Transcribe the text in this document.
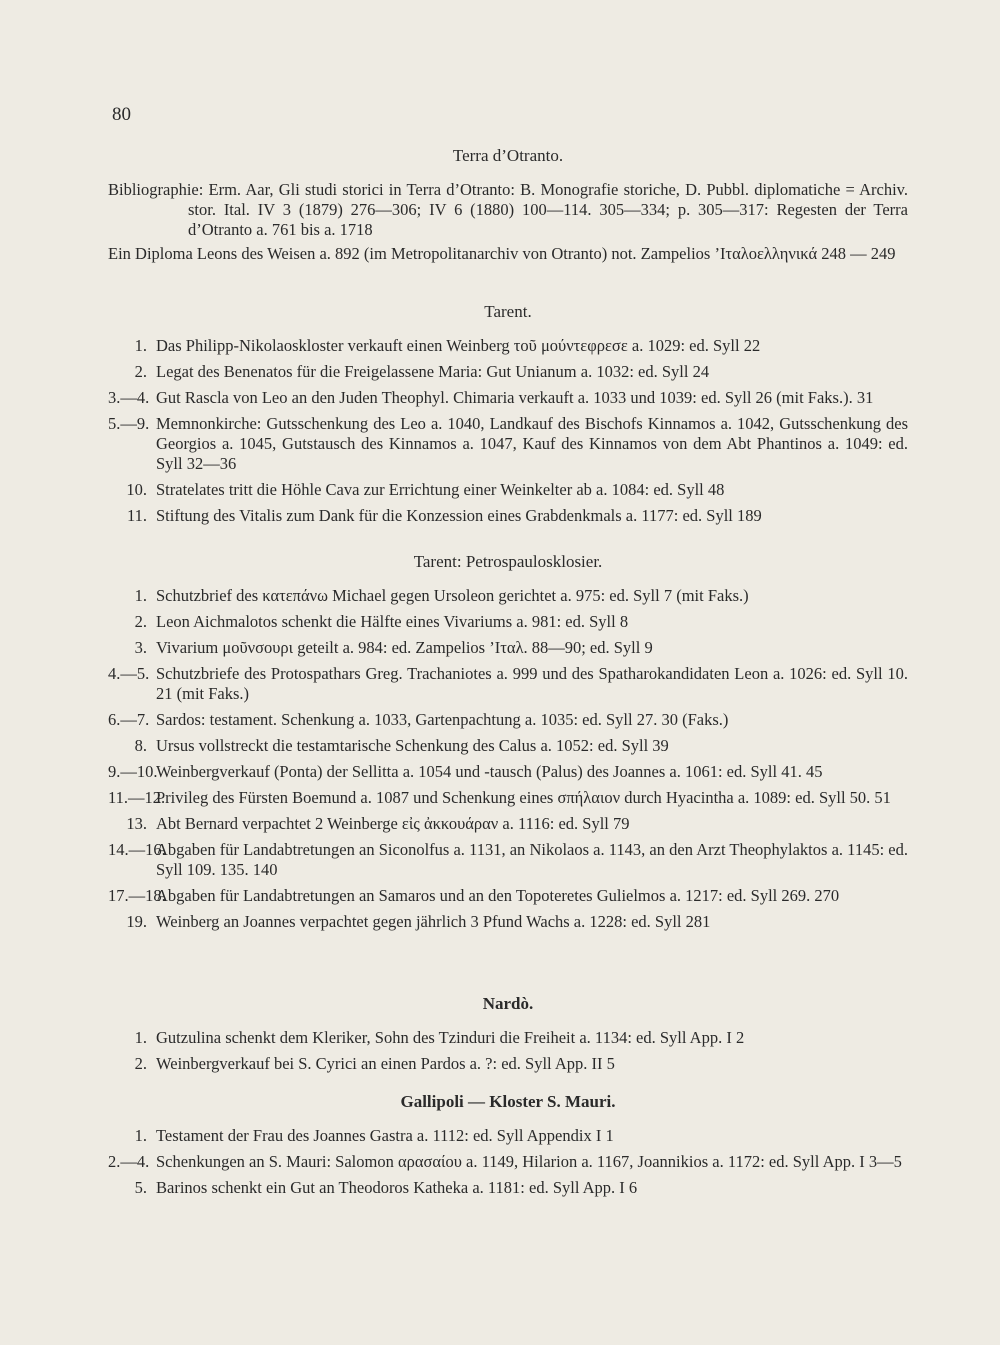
80
Terra d’Otranto.
Bibliographie: Erm. Aar, Gli studi storici in Terra d’Otranto: B. Monografie storiche, D. Pubbl. diplomatiche = Archiv. stor. Ital. IV 3 (1879) 276—306; IV 6 (1880) 100—114. 305—334; p. 305—317: Regesten der Terra d’Otranto a. 761 bis a. 1718
Ein Diploma Leons des Weisen a. 892 (im Metropolitanarchiv von Otranto) not. Zampelios ’Ιταλοελληνικά 248 — 249
Tarent.
1. Das Philipp-Nikolaoskloster verkauft einen Weinberg τοῦ μούντεφρεσε a. 1029: ed. Syll 22
2. Legat des Benenatos für die Freigelassene Maria: Gut Unianum a. 1032: ed. Syll 24
3.—4. Gut Rascla von Leo an den Juden Theophyl. Chimaria verkauft a. 1033 und 1039: ed. Syll 26 (mit Faks.). 31
5.—9. Memnonkirche: Gutsschenkung des Leo a. 1040, Landkauf des Bischofs Kinnamos a. 1042, Gutsschenkung des Georgios a. 1045, Gutstausch des Kinnamos a. 1047, Kauf des Kinnamos von dem Abt Phantinos a. 1049: ed. Syll 32—36
10. Stratelates tritt die Höhle Cava zur Errichtung einer Weinkelter ab a. 1084: ed. Syll 48
11. Stiftung des Vitalis zum Dank für die Konzession eines Grabdenkmals a. 1177: ed. Syll 189
Tarent: Petrospaulosklosier.
1. Schutzbrief des κατεπάνω Michael gegen Ursoleon gerichtet a. 975: ed. Syll 7 (mit Faks.)
2. Leon Aichmalotos schenkt die Hälfte eines Vivariums a. 981: ed. Syll 8
3. Vivarium μοῦνσουρι geteilt a. 984: ed. Zampelios ’Ιταλ. 88—90; ed. Syll 9
4.—5. Schutzbriefe des Protospathars Greg. Trachaniotes a. 999 und des Spatharokandidaten Leon a. 1026: ed. Syll 10. 21 (mit Faks.)
6.—7. Sardos: testament. Schenkung a. 1033, Gartenpachtung a. 1035: ed. Syll 27. 30 (Faks.)
8. Ursus vollstreckt die testamtarische Schenkung des Calus a. 1052: ed. Syll 39
9.—10.
Weinbergverkauf (Ponta) der Sellitta a. 1054 und -tausch (Palus) des Joannes a. 1061: ed. Syll 41. 45
11.—12.
Privileg des Fürsten Boemund a. 1087 und Schenkung eines σπήλαιον durch Hyacintha a. 1089: ed. Syll 50. 51
13. Abt Bernard verpachtet 2 Weinberge εἰς ἀκκουάραν a. 1116: ed. Syll 79
14.—16.
Abgaben für Landabtretungen an Siconolfus a. 1131, an Nikolaos a. 1143, an den Arzt Theophylaktos a. 1145: ed. Syll 109. 135. 140
17.—18.
Abgaben für Landabtretungen an Samaros und an den Topoteretes Gulielmos a. 1217: ed. Syll 269. 270
19. Weinberg an Joannes verpachtet gegen jährlich 3 Pfund Wachs a. 1228: ed. Syll 281
Nardò.
1. Gutzulina schenkt dem Kleriker, Sohn des Tzinduri die Freiheit a. 1134: ed. Syll App. I 2
2. Weinbergverkauf bei S. Cyrici an einen Pardos a. ?: ed. Syll App. II 5
Gallipoli — Kloster S. Mauri.
1. Testament der Frau des Joannes Gastra a. 1112: ed. Syll Appendix I 1
2.—4. Schenkungen an S. Mauri: Salomon αρασαίου a. 1149, Hilarion a. 1167, Joannikios a. 1172: ed. Syll App. I 3—5
5. Barinos schenkt ein Gut an Theodoros Katheka a. 1181: ed. Syll App. I 6
